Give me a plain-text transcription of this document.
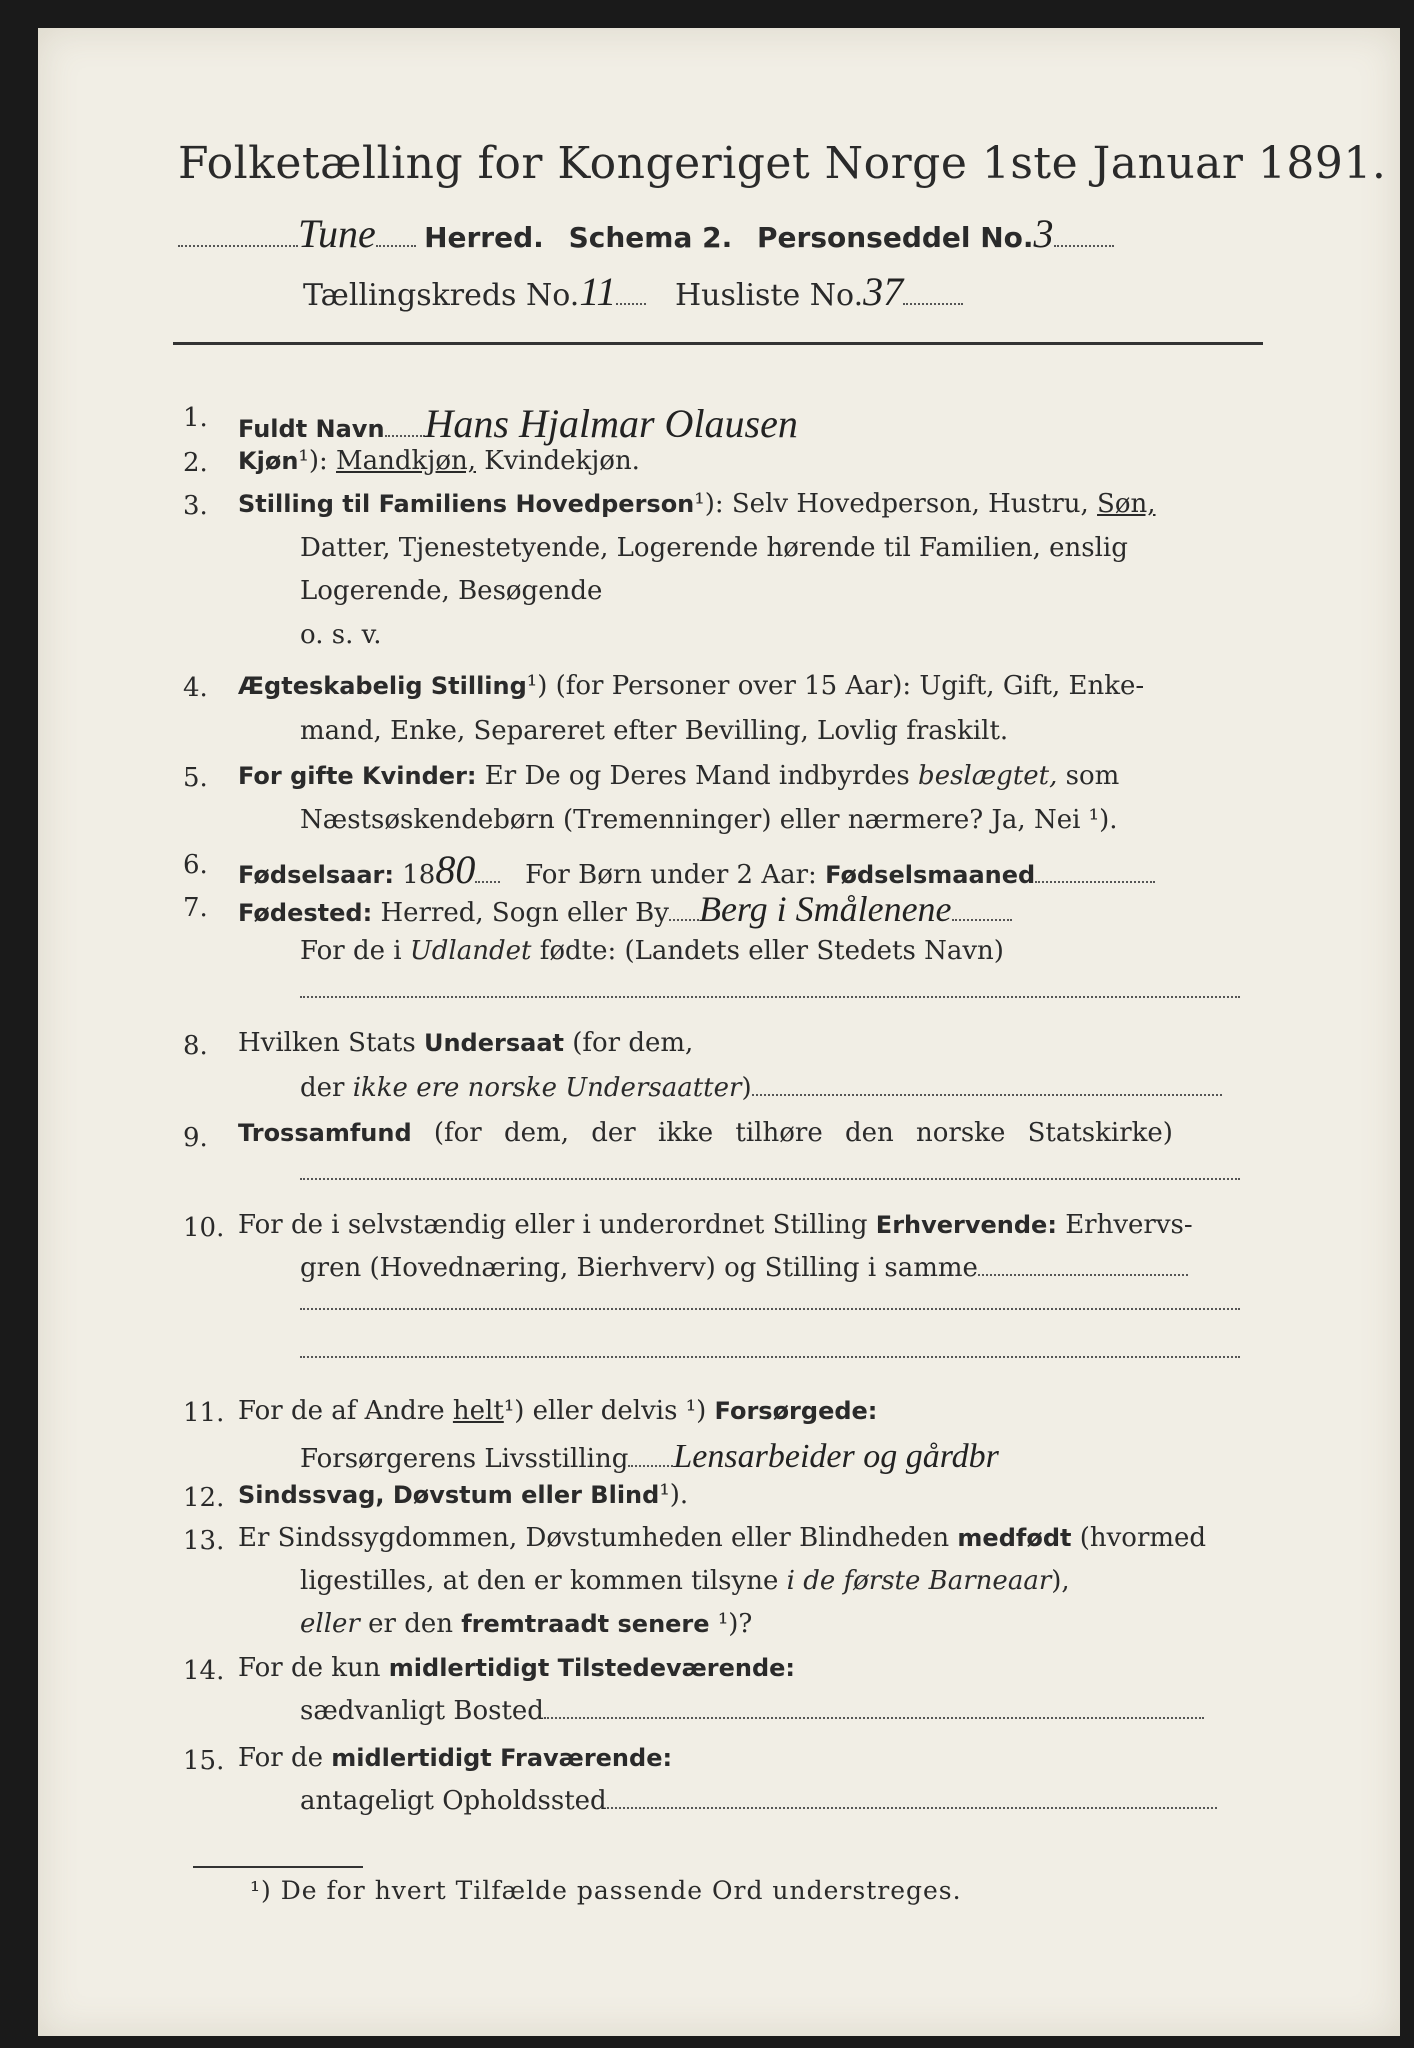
Folketælling for Kongeriget Norge 1ste Januar 1891.
Tune Herred. Schema 2. Personseddel No.3
Tællingskreds No.11 Husliste No.37
1. Fuldt Navn Hans Hjalmar Olausen
2. Kjøn¹): Mandkjøn, Kvindekjøn.
3. Stilling til Familiens Hovedperson¹): Selv Hovedperson, Hustru, Søn,
Datter, Tjenestetyende, Logerende hørende til Familien, enslig
Logerende, Besøgende
o. s. v.
4. Ægteskabelig Stilling¹) (for Personer over 15 Aar): Ugift, Gift, Enke-
mand, Enke, Separeret efter Bevilling, Lovlig fraskilt.
5. For gifte Kvinder: Er De og Deres Mand indbyrdes beslægtet, som
Næstsøskendebørn (Tremenninger) eller nærmere? Ja, Nei ¹).
6. Fødselsaar: 1880 For Børn under 2 Aar: Fødselsmaaned
7. Fødested: Herred, Sogn eller By Berg i Smålenene
For de i Udlandet fødte: (Landets eller Stedets Navn)
8. Hvilken Stats Undersaat (for dem,
der ikke ere norske Undersaatter)
9. Trossamfund (for dem, der ikke tilhøre den norske Statskirke)
10. For de i selvstændig eller i underordnet Stilling Erhvervende: Erhvervs-
gren (Hovednæring, Bierhverv) og Stilling i samme
11. For de af Andre helt¹) eller delvis ¹) Forsørgede:
Forsørgerens Livsstilling Lensarbeider og gårdbr
12. Sindssvag, Døvstum eller Blind¹).
13. Er Sindssygdommen, Døvstumheden eller Blindheden medfødt (hvormed
ligestilles, at den er kommen tilsyne i de første Barneaar),
eller er den fremtraadt senere ¹)?
14. For de kun midlertidigt Tilstedeværende:
sædvanligt Bosted
15. For de midlertidigt Fraværende:
antageligt Opholdssted
¹) De for hvert Tilfælde passende Ord understreges.
